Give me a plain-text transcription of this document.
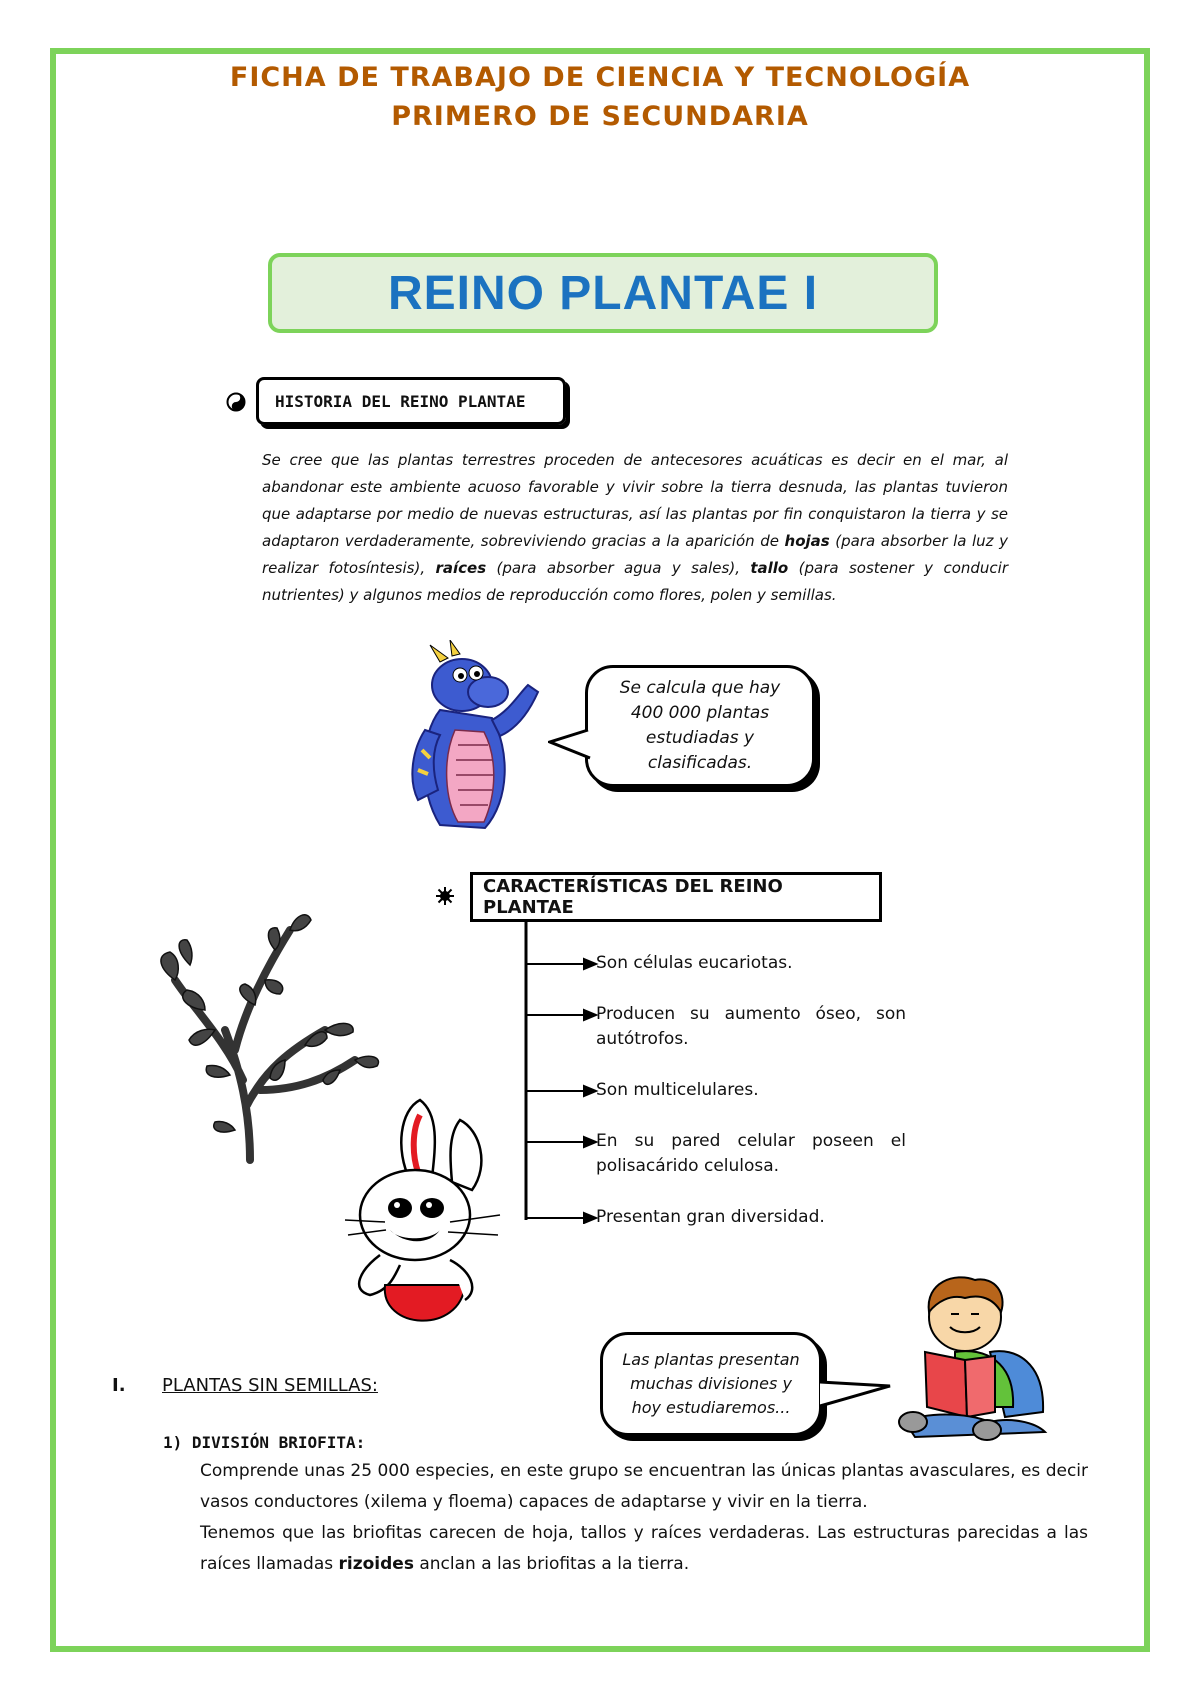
FICHA DE TRABAJO DE CIENCIA Y TECNOLOGÍA
PRIMERO DE SECUNDARIA
REINO PLANTAE I
HISTORIA DEL REINO PLANTAE
Se cree que las plantas terrestres proceden de antecesores acuáticas es decir en el mar, al abandonar este ambiente acuoso favorable y vivir sobre la tierra desnuda, las plantas tuvieron que adaptarse por medio de nuevas estructuras, así las plantas por fin conquistaron la tierra y se adaptaron verdaderamente, sobreviviendo gracias a la aparición de hojas (para absorber la luz y realizar fotosíntesis), raíces (para absorber agua y sales), tallo (para sostener y conducir nutrientes) y algunos medios de reproducción como flores, polen y semillas.
Se calcula que hay 400 000 plantas estudiadas y clasificadas.
CARACTERÍSTICAS DEL REINO PLANTAE
Son células eucariotas.
Producen su aumento óseo, son autótrofos.
Son multicelulares.
En su pared celular poseen el polisacárido celulosa.
Presentan gran diversidad.
I. PLANTAS SIN SEMILLAS:
Las plantas presentan muchas divisiones y hoy estudiaremos...
1) DIVISIÓN BRIOFITA:

Comprende unas 25 000 especies, en este grupo se encuentran las únicas plantas avasculares, es decir vasos conductores (xilema y floema) capaces de adaptarse y vivir en la tierra.

Tenemos que las briofitas carecen de hoja, tallos y raíces verdaderas. Las estructuras parecidas a las raíces llamadas rizoides anclan a las briofitas a la tierra.
